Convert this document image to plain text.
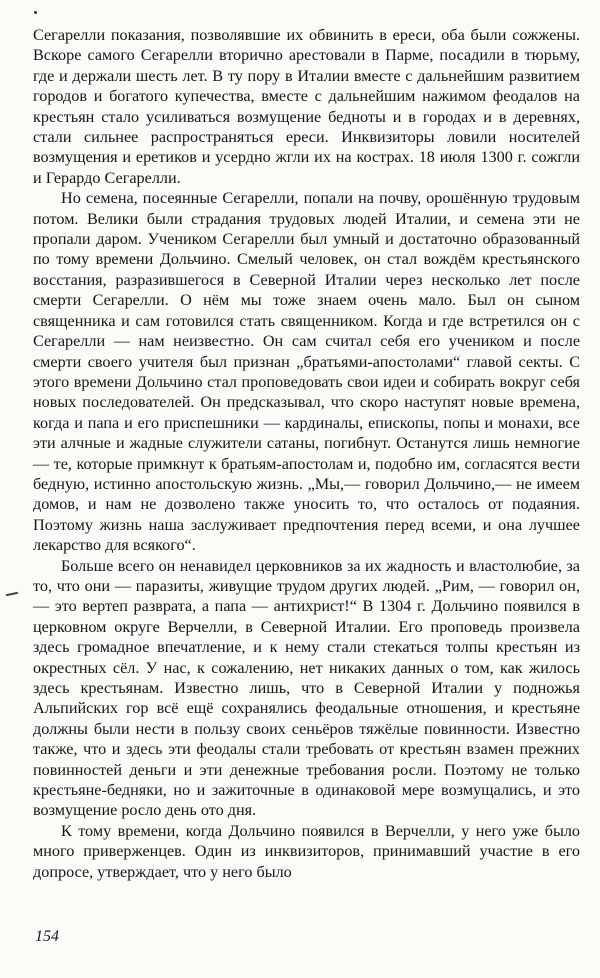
Сегарелли показания, позволявшие их обвинить в ереси, оба были сожжены. Вскоре самого Сегарелли вторично арестовали в Парме, посадили в тюрьму, где и держали шесть лет. В ту пору в Италии вместе с дальнейшим развитием городов и богатого купечества, вместе с дальнейшим нажимом феодалов на крестьян стало усиливаться возмущение бедноты и в городах и в деревнях, стали сильнее распространяться ереси. Инквизиторы ловили носителей возмущения и еретиков и усердно жгли их на кострах. 18 июля 1300 г. сожгли и Герардо Сегарелли.

Но семена, посеянные Сегарелли, попали на почву, орошённую трудовым потом. Велики были страдания трудовых людей Италии, и семена эти не пропали даром. Учеником Сегарелли был умный и достаточно образованный по тому времени Дольчино. Смелый человек, он стал вождём крестьянского восстания, разразившегося в Северной Италии через несколько лет после смерти Сегарелли. О нём мы тоже знаем очень мало. Был он сыном священника и сам готовился стать священником. Когда и где встретился он с Сегарелли — нам неизвестно. Он сам считал себя его учеником и после смерти своего учителя был признан „братьями-апостолами“ главой секты. С этого времени Дольчино стал проповедовать свои идеи и собирать вокруг себя новых последователей. Он предсказывал, что скоро наступят новые времена, когда и папа и его приспешники — кардиналы, епископы, попы и монахи, все эти алчные и жадные служители сатаны, погибнут. Останутся лишь немногие — те, которые примкнут к братьям-апостолам и, подобно им, согласятся вести бедную, истинно апостольскую жизнь. „Мы,— говорил Дольчино,— не имеем домов, и нам не дозволено также уносить то, что осталось от подаяния. Поэтому жизнь наша заслуживает предпочтения перед всеми, и она лучшее лекарство для всякого“.

Больше всего он ненавидел церковников за их жадность и властолюбие, за то, что они — паразиты, живущие трудом других людей. „Рим, — говорил он,— это вертеп разврата, а папа — антихрист!“ В 1304 г. Дольчино появился в церковном округе Верчелли, в Северной Италии. Его проповедь произвела здесь громадное впечатление, и к нему стали стекаться толпы крестьян из окрестных сёл. У нас, к сожалению, нет никаких данных о том, как жилось здесь крестьянам. Известно лишь, что в Северной Италии у подножья Альпийских гор всё ещё сохранялись феодальные отношения, и крестьяне должны были нести в пользу своих сеньёров тяжёлые повинности. Известно также, что и здесь эти феодалы стали требовать от крестьян взамен прежних повинностей деньги и эти денежные требования росли. Поэтому не только крестьяне-бедняки, но и зажиточные в одинаковой мере возмущались, и это возмущение росло день ото дня.

К тому времени, когда Дольчино появился в Верчелли, у него уже было много приверженцев. Один из инквизиторов, принимавший участие в его допросе, утверждает, что у него было

154
